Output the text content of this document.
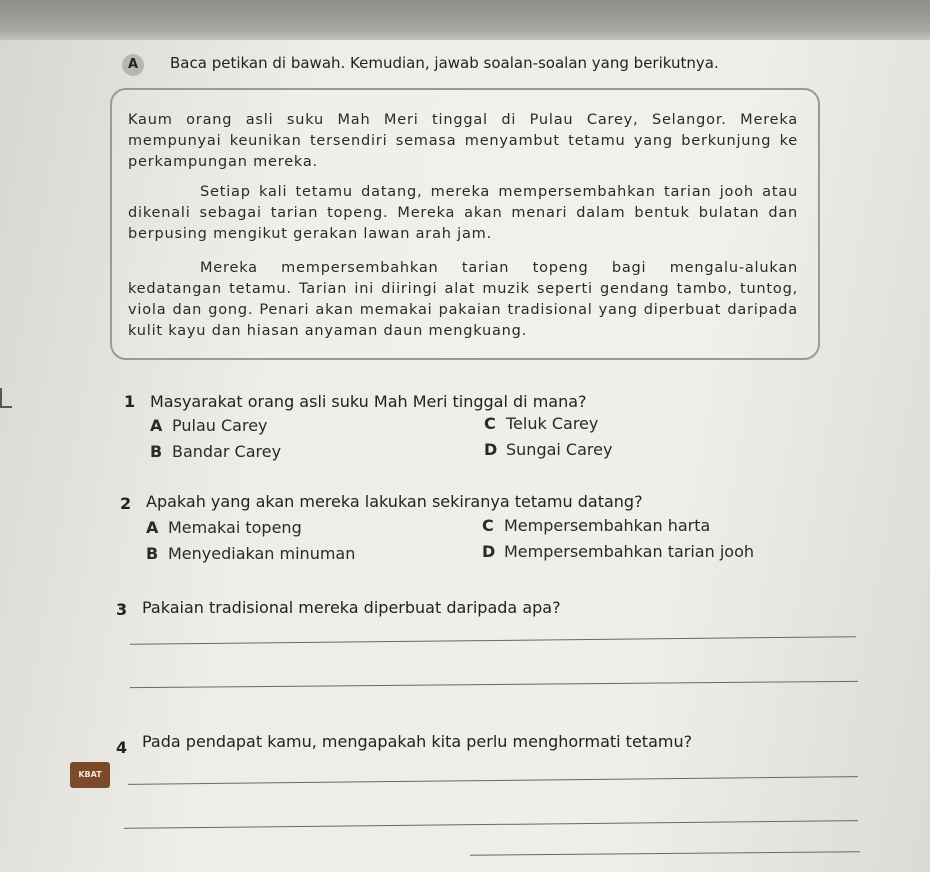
A	Baca petikan di bawah. Kemudian, jawab soalan-soalan yang berikutnya.

Kaum orang asli suku Mah Meri tinggal di Pulau Carey, Selangor. Mereka mempunyai keunikan tersendiri semasa menyambut tetamu yang berkunjung ke perkampungan mereka.

Setiap kali tetamu datang, mereka mempersembahkan tarian jooh atau dikenali sebagai tarian topeng. Mereka akan menari dalam bentuk bulatan dan berpusing mengikut gerakan lawan arah jam.

Mereka mempersembahkan tarian topeng bagi mengalu-alukan kedatangan tetamu. Tarian ini diiringi alat muzik seperti gendang tambo, tuntog, viola dan gong. Penari akan memakai pakaian tradisional yang diperbuat daripada kulit kayu dan hiasan anyaman daun mengkuang.

1 Masyarakat orang asli suku Mah Meri tinggal di mana?
A Pulau Carey
B Bandar Carey
C Teluk Carey
D Sungai Carey
2 Apakah yang akan mereka lakukan sekiranya tetamu datang?
A Memakai topeng
B Menyediakan minuman
C Mempersembahkan harta
D Mempersembahkan tarian jooh
3 Pakaian tradisional mereka diperbuat daripada apa?
4 Pada pendapat kamu, mengapakah kita perlu menghormati tetamu?
KBAT
